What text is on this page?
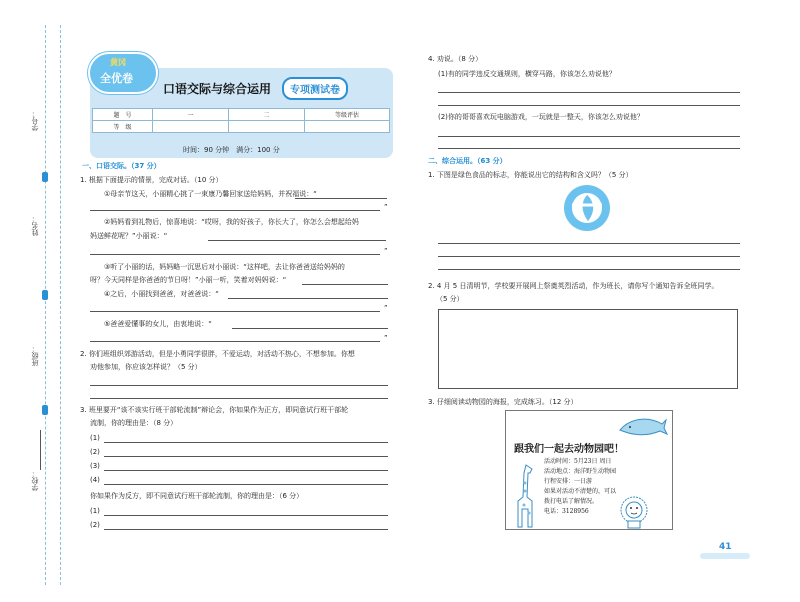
学校：
班级：
姓名：
学号：
黄冈
全优卷
口语交际与综合运用	专项测试卷
题　号	一	二	等级评估
等　级			
时间：90 分钟　满分：100 分
一、口语交际。（37 分）
1. 根据下面提示的情景，完成对话。（10 分）
①母亲节这天，小丽精心挑了一束康乃馨回家送给妈妈，并祝福说：“
”
②妈妈看到礼物后，惊喜地说：“哎呀，我的好孩子，你长大了，你怎么会想起给妈
妈送鲜花呢？”小丽说：“
”
③听了小丽的话，妈妈略一沉思后对小丽说：“这样吧，去让你爸爸送给妈妈的
呀？今天同样是你爸爸的节日呀！”小丽一听，笑着对妈妈说：“
④之后，小丽找到爸爸，对爸爸说：“
”
⑤爸爸爱懂事的女儿，由衷地说：“
”
2. 你们班组织郊游活动，但是小勇同学很胖，不爱运动，对活动不热心，不想参加。你想
劝他参加，你应该怎样说？（5 分）
3. 班里要开“该不该实行班干部轮流制”辩论会，你如果作为正方，即同意试行班干部轮
流制，你的理由是：（8 分）
(1)
(2)
(3)
(4)
你如果作为反方，即不同意试行班干部轮流制，你的理由是：（6 分）
(1)
(2)
4. 劝说。（8 分）
(1)有的同学违反交通规则，横穿马路，你该怎么劝说他？
(2)你的哥哥喜欢玩电脑游戏，一玩就是一整天，你该怎么劝说他？
二、综合运用。（63 分）
1. 下图是绿色食品的标志，你能说出它的结构和含义吗？（5 分）
2. 4 月 5 日清明节，学校要开展网上祭奠英烈活动，作为班长，请你写个通知告诉全班同学。
（5 分）
3. 仔细阅读动物园的海报，完成练习。（12 分）
跟我们一起去动物园吧！
活动时间：5月23日 周日
活动地点：海洋野生动物园
行程安排：一日游
如果对活动不清楚的，可以
拨打电话了解情况。
电话：3128956
41
